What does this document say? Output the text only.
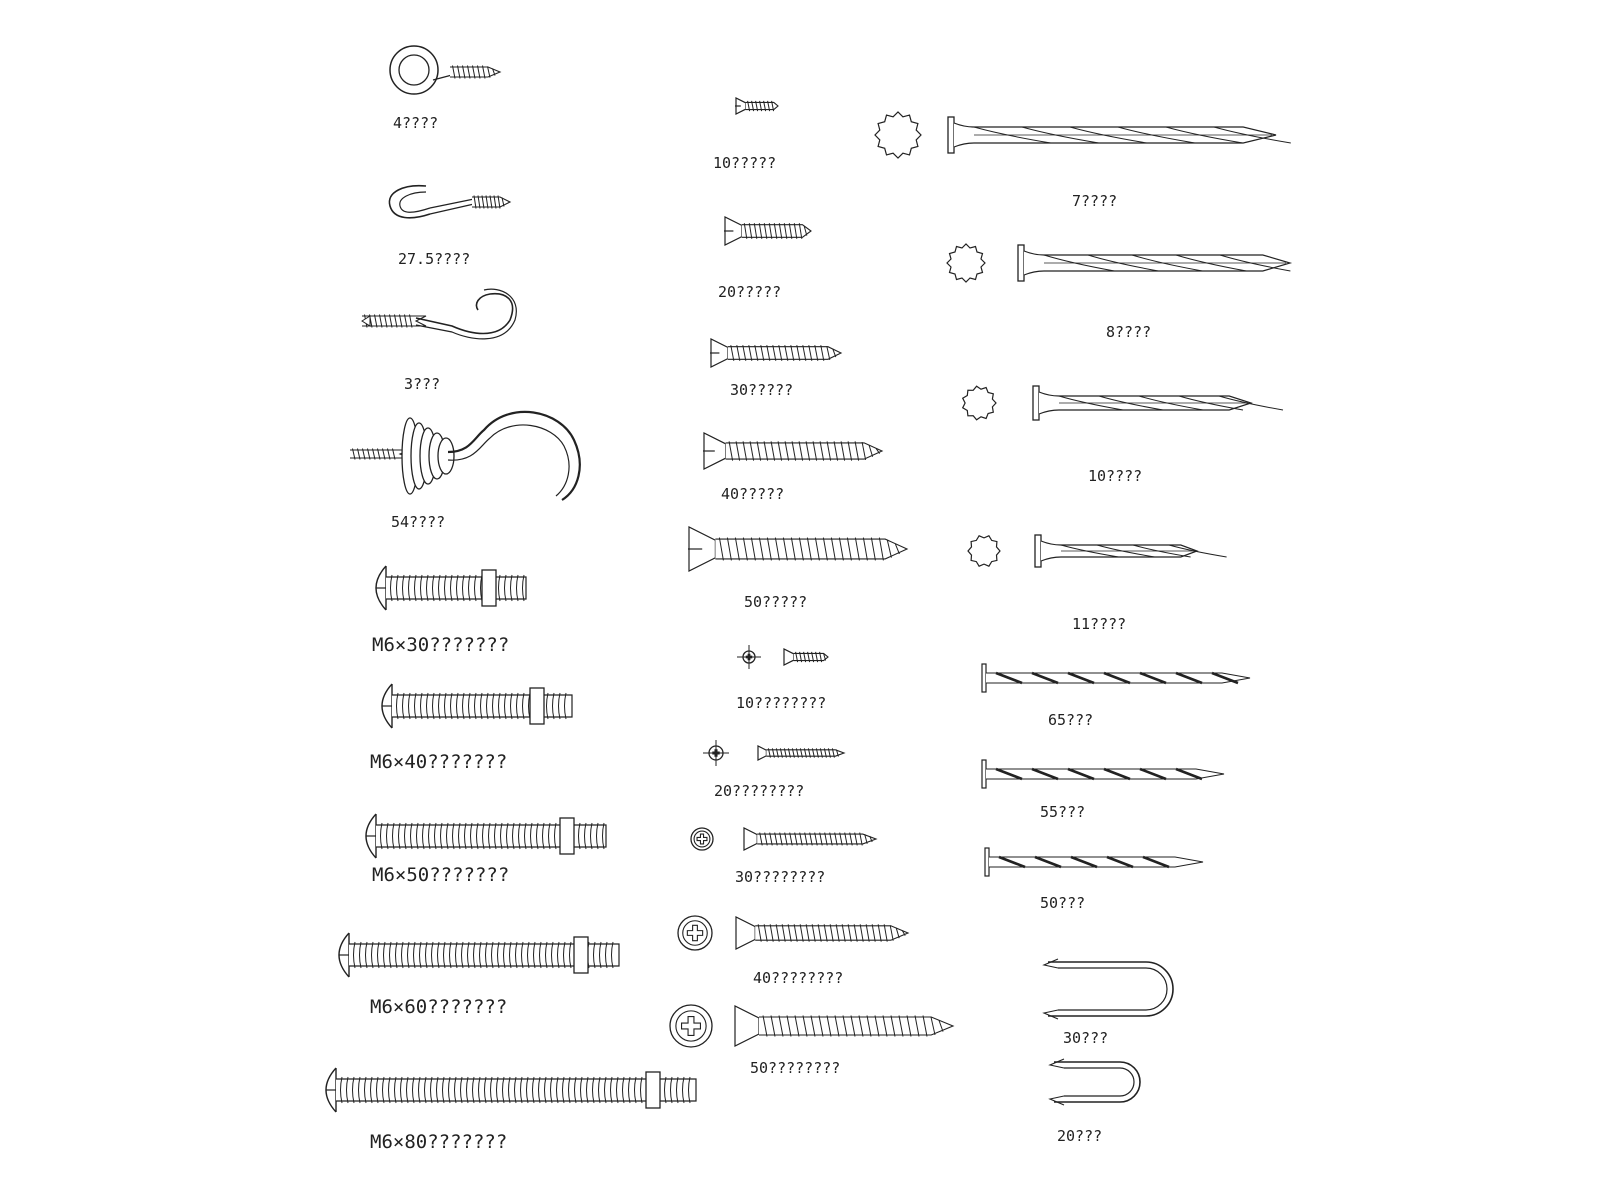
4????
27.5????
3???
54????
M6×30???????
M6×40???????
M6×50???????
M6×60???????
M6×80???????
10?????
20?????
30?????
40?????
50?????
10????????
20????????
30????????
40????????
50????????
7????
8????
10????
11????
65???
55???
50???
30???
20???
